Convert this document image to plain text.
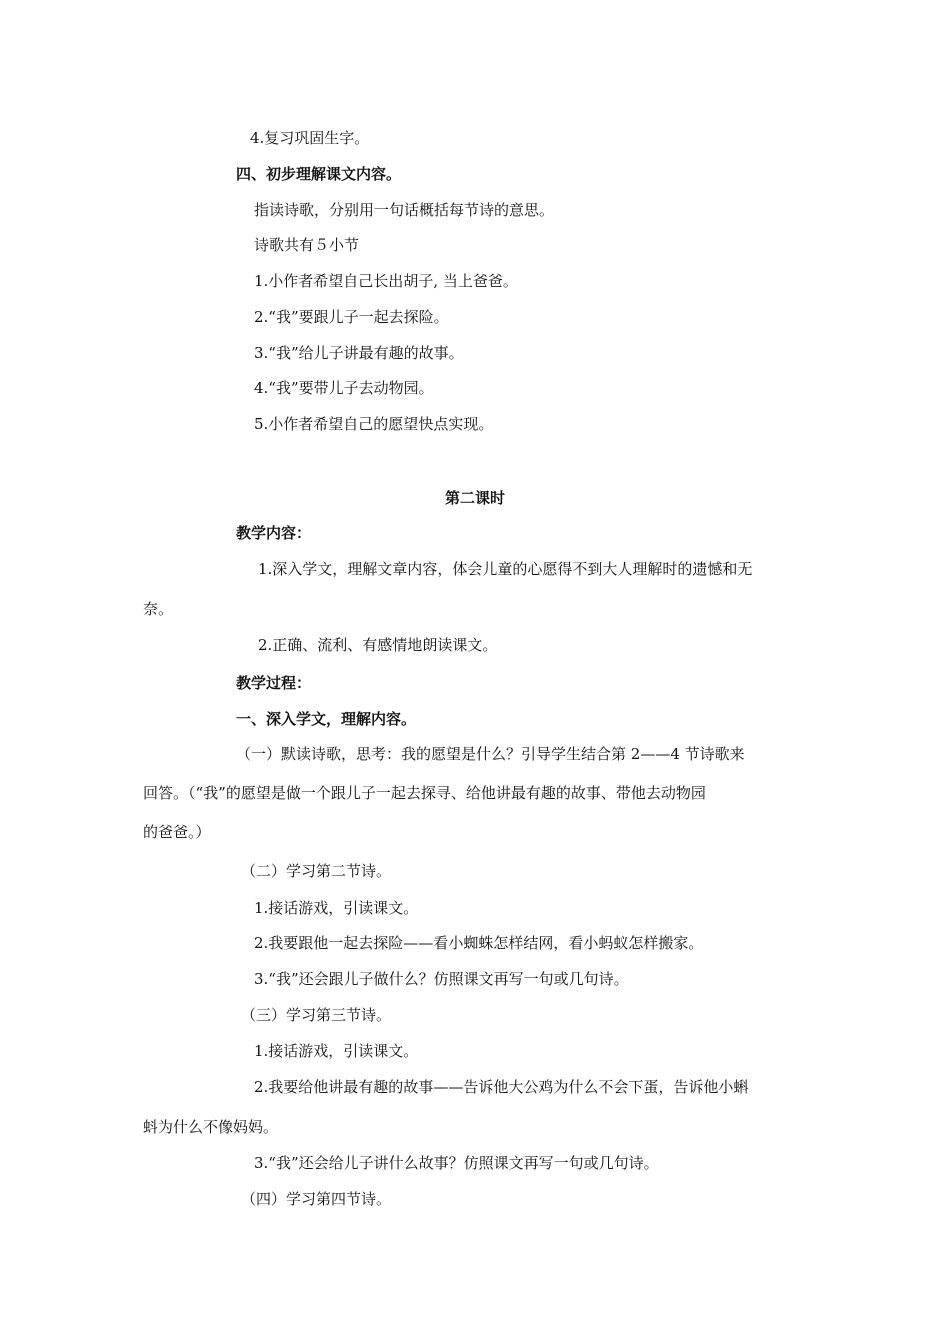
4.复习巩固生字。
四、初步理解课文内容。
指读诗歌，分别用一句话概括每节诗的意思。
诗歌共有５小节
1.小作者希望自己长出胡子, 当上爸爸。
2.“我”要跟儿子一起去探险。
3.“我”给儿子讲最有趣的故事。
4.“我”要带儿子去动物园。
5.小作者希望自己的愿望快点实现。
第二课时
教学内容：
1.深入学文，理解文章内容，体会儿童的心愿得不到大人理解时的遗憾和无
奈。
2.正确、流利、有感情地朗读课文。
教学过程：
一、深入学文，理解内容。
（一）默读诗歌，思考：我的愿望是什么？引导学生结合第 2——4 节诗歌来
回答。（“我”的愿望是做一个跟儿子一起去探寻、给他讲最有趣的故事、带他去动物园
的爸爸。）
（二）学习第二节诗。
1.接话游戏，引读课文。
2.我要跟他一起去探险——看小蜘蛛怎样结网，看小蚂蚁怎样搬家。
3.“我”还会跟儿子做什么？仿照课文再写一句或几句诗。
（三）学习第三节诗。
1.接话游戏，引读课文。
2.我要给他讲最有趣的故事——告诉他大公鸡为什么不会下蛋，告诉他小蝌
蚪为什么不像妈妈。
3.“我”还会给儿子讲什么故事？仿照课文再写一句或几句诗。
（四）学习第四节诗。
